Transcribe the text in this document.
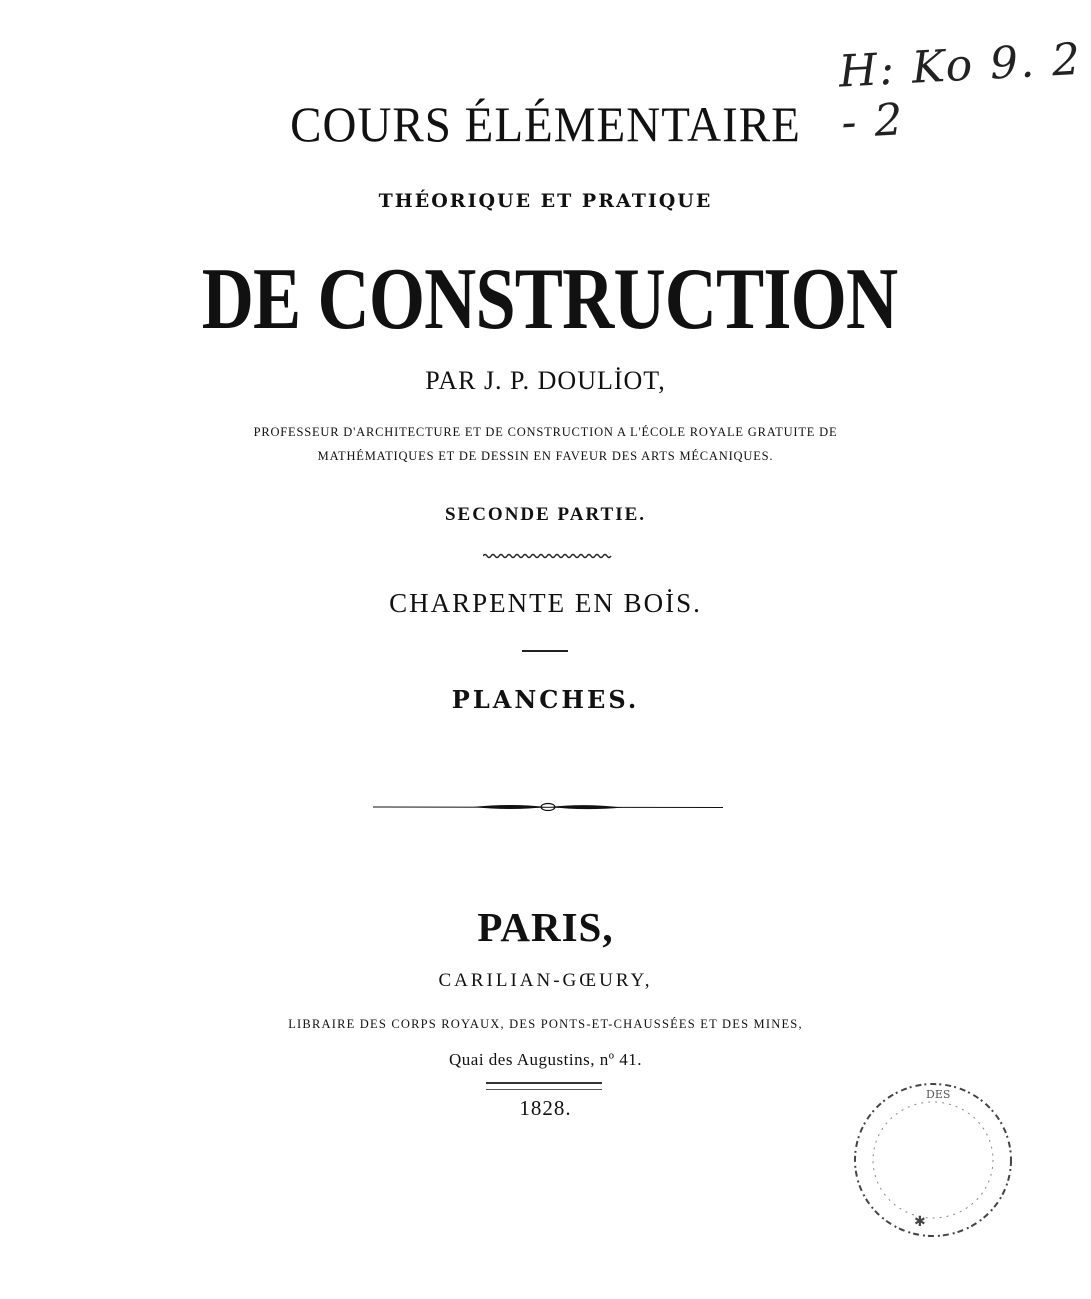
H: Ko 9. 2 - 2
COURS ÉLÉMENTAIRE
THÉORIQUE ET PRATIQUE
DE CONSTRUCTION
PAR J. P. DOULİOT,
PROFESSEUR D'ARCHITECTURE ET DE CONSTRUCTION A L'ÉCOLE ROYALE GRATUITE DE
MATHÉMATIQUES ET DE DESSIN EN FAVEUR DES ARTS MÉCANIQUES.
SECONDE PARTIE.
CHARPENTE EN BOİS.
PLANCHES.
PARIS,
CARILIAN-GŒURY,
LIBRAIRE DES CORPS ROYAUX, DES PONTS-ET-CHAUSSÉES ET DES MINES,
Quai des Augustins, nº 41.
1828.
DES
✱
